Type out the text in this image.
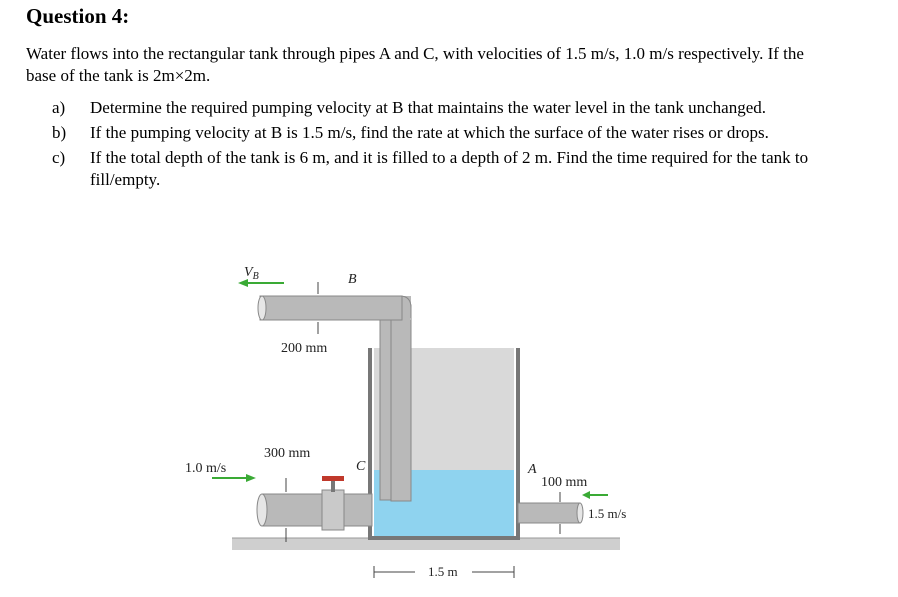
Question 4:

Water flows into the rectangular tank through pipes A and C, with velocities of 1.5 m/s, 1.0 m/s respectively. If the base of the tank is 2m×2m.

a)	Determine the required pumping velocity at B that maintains the water level in the tank unchanged.
b)	If the pumping velocity at B is 1.5 m/s, find the rate at which the surface of the water rises or drops.
c)	If the total depth of the tank is 6 m, and it is filled to a depth of 2 m. Find the time required for the tank to fill/empty.
$V_B$	B
200 mm
300 mm
1.0 m/s	C	A
100 mm
1.5 m/s
1.5 m
